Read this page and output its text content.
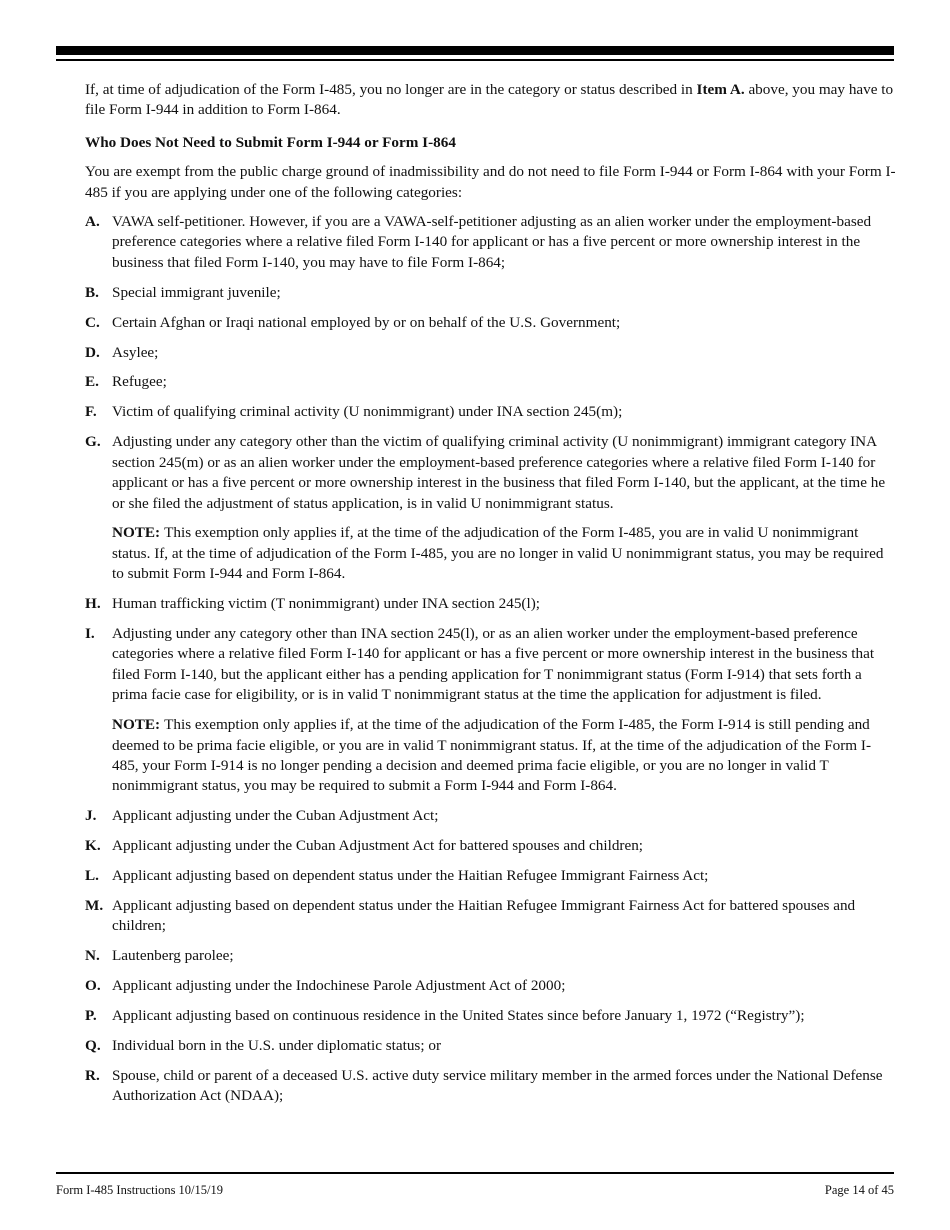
If, at time of adjudication of the Form I-485, you no longer are in the category or status described in Item A. above, you may have to file Form I-944 in addition to Form I-864.

Who Does Not Need to Submit Form I-944 or Form I-864

You are exempt from the public charge ground of inadmissibility and do not need to file Form I-944 or Form I-864 with your Form I-485 if you are applying under one of the following categories:

A. VAWA self-petitioner. However, if you are a VAWA-self-petitioner adjusting as an alien worker under the employment-based preference categories where a relative filed Form I-140 for applicant or has a five percent or more ownership interest in the business that filed Form I-140, you may have to file Form I-864;

B. Special immigrant juvenile;

C. Certain Afghan or Iraqi national employed by or on behalf of the U.S. Government;

D. Asylee;

E. Refugee;

F.	Victim of qualifying criminal activity (U nonimmigrant) under INA section 245(m);

G. Adjusting under any category other than the victim of qualifying criminal activity (U nonimmigrant) immigrant category INA section 245(m) or as an alien worker under the employment-based preference categories where a relative filed Form I-140 for applicant or has a five percent or more ownership interest in the business that filed Form I-140, but the applicant, at the time he or she filed the adjustment of status application, is in valid U nonimmigrant status.

NOTE: This exemption only applies if, at the time of the adjudication of the Form I-485, you are in valid U nonimmigrant status. If, at the time of adjudication of the Form I-485, you are no longer in valid U nonimmigrant status, you may be required to submit Form I-944 and Form I-864.

H. Human trafficking victim (T nonimmigrant) under INA section 245(l);

I.	Adjusting under any category other than INA section 245(l), or as an alien worker under the employment-based preference categories where a relative filed Form I-140 for applicant or has a five percent or more ownership interest in the business that filed Form I-140, but the applicant either has a pending application for T nonimmigrant status (Form I-914) that sets forth a prima facie case for eligibility, or is in valid T nonimmigrant status at the time the application for adjustment is filed.

NOTE: This exemption only applies if, at the time of the adjudication of the Form I-485, the Form I-914 is still pending and deemed to be prima facie eligible, or you are in valid T nonimmigrant status. If, at the time of the adjudication of the Form I-485, your Form I-914 is no longer pending a decision and deemed prima facie eligible, or you are no longer in valid T nonimmigrant status, you may be required to submit a Form I-944 and Form I-864.

J.	Applicant adjusting under the Cuban Adjustment Act;

K. Applicant adjusting under the Cuban Adjustment Act for battered spouses and children;

L. Applicant adjusting based on dependent status under the Haitian Refugee Immigrant Fairness Act;

M. Applicant adjusting based on dependent status under the Haitian Refugee Immigrant Fairness Act for battered spouses and children;

N. Lautenberg parolee;

O. Applicant adjusting under the Indochinese Parole Adjustment Act of 2000;

P.	Applicant adjusting based on continuous residence in the United States since before January 1, 1972 (“Registry”);

Q. Individual born in the U.S. under diplomatic status; or

R. Spouse, child or parent of a deceased U.S. active duty service military member in the armed forces under the National Defense Authorization Act (NDAA);

Form I-485 Instructions 10/15/19	Page 14 of 45
